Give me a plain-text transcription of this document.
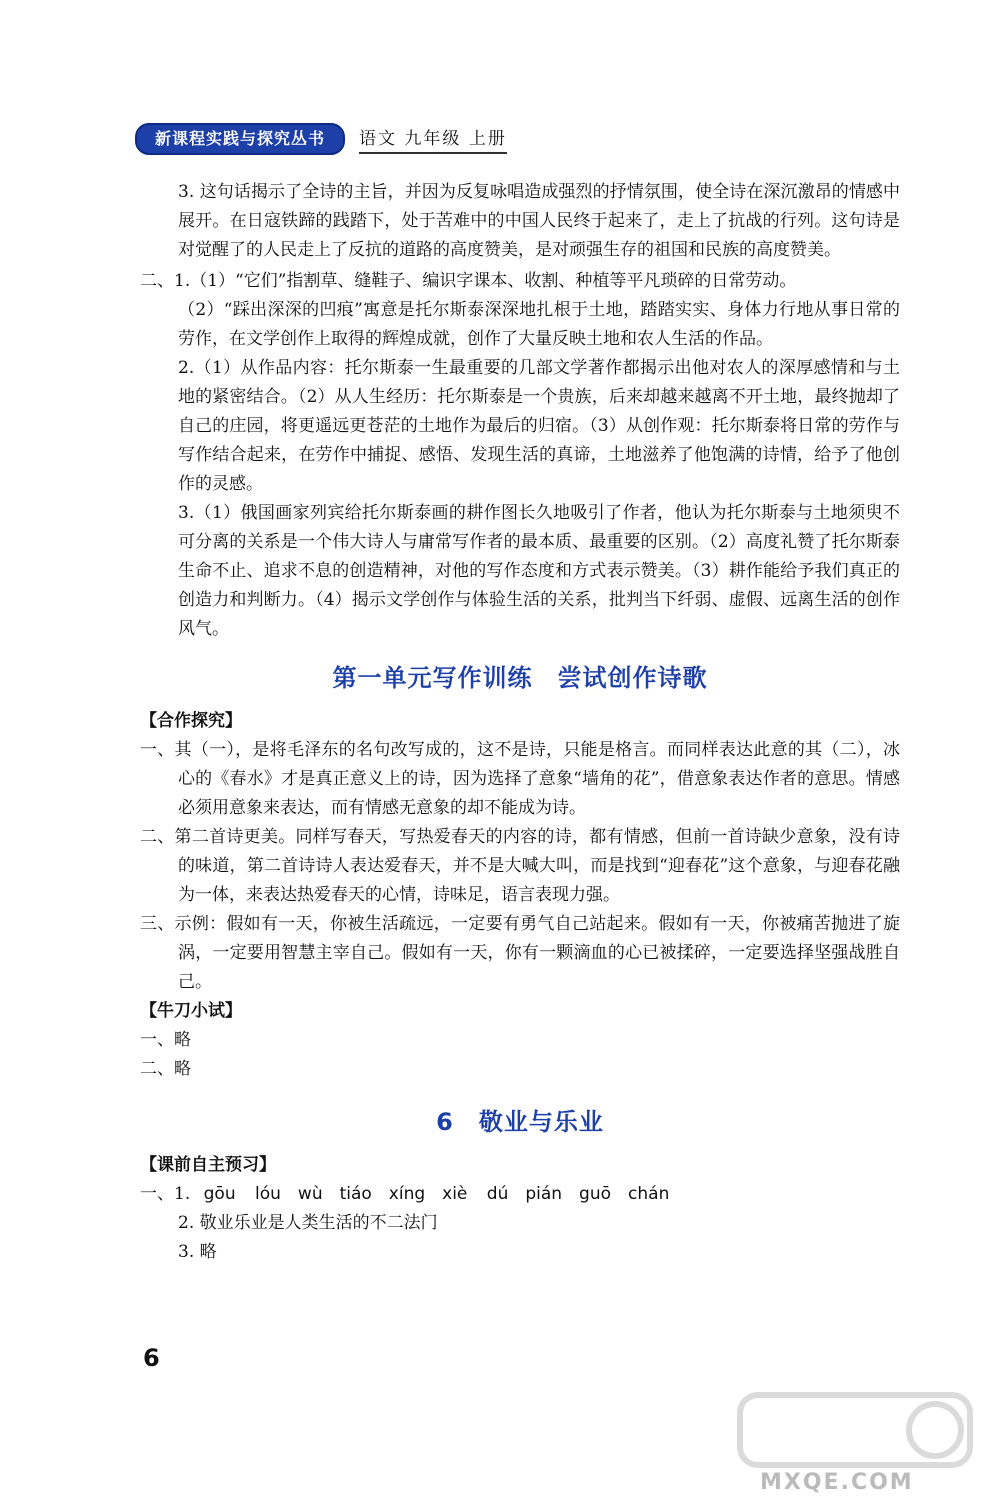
新课程实践与探究丛书	语文 九年级 上册

3. 这句话揭示了全诗的主旨，并因为反复咏唱造成强烈的抒情氛围，使全诗在深沉激昂的情感中展开。在日寇铁蹄的践踏下，处于苦难中的中国人民终于起来了，走上了抗战的行列。这句诗是对觉醒了的人民走上了反抗的道路的高度赞美，是对顽强生存的祖国和民族的高度赞美。

二、1.（1）“它们”指割草、缝鞋子、编识字课本、收割、种植等平凡琐碎的日常劳动。

（2）“踩出深深的凹痕”寓意是托尔斯泰深深地扎根于土地，踏踏实实、身体力行地从事日常的劳作，在文学创作上取得的辉煌成就，创作了大量反映土地和农人生活的作品。

2.（1）从作品内容：托尔斯泰一生最重要的几部文学著作都揭示出他对农人的深厚感情和与土地的紧密结合。（2）从人生经历：托尔斯泰是一个贵族，后来却越来越离不开土地，最终抛却了自己的庄园，将更遥远更苍茫的土地作为最后的归宿。（3）从创作观：托尔斯泰将日常的劳作与写作结合起来，在劳作中捕捉、感悟、发现生活的真谛，土地滋养了他饱满的诗情，给予了他创作的灵感。

3.（1）俄国画家列宾给托尔斯泰画的耕作图长久地吸引了作者，他认为托尔斯泰与土地须臾不可分离的关系是一个伟大诗人与庸常写作者的最本质、最重要的区别。（2）高度礼赞了托尔斯泰生命不止、追求不息的创造精神，对他的写作态度和方式表示赞美。（3）耕作能给予我们真正的创造力和判断力。（4）揭示文学创作与体验生活的关系，批判当下纤弱、虚假、远离生活的创作风气。

第一单元写作训练　尝试创作诗歌
【合作探究】

一、其（一），是将毛泽东的名句改写成的，这不是诗，只能是格言。而同样表达此意的其（二），冰心的《春水》才是真正意义上的诗，因为选择了意象“墙角的花”，借意象表达作者的意思。情感必须用意象来表达，而有情感无意象的却不能成为诗。

二、第二首诗更美。同样写春天，写热爱春天的内容的诗，都有情感，但前一首诗缺少意象，没有诗的味道，第二首诗诗人表达爱春天，并不是大喊大叫，而是找到“迎春花”这个意象，与迎春花融为一体，来表达热爱春天的心情，诗味足，语言表现力强。

三、示例：假如有一天，你被生活疏远，一定要有勇气自己站起来。假如有一天，你被痛苦抛进了旋涡，一定要用智慧主宰自己。假如有一天，你有一颗滴血的心已被揉碎，一定要选择坚强战胜自己。

【牛刀小试】

一、略

二、略

6　敬业与乐业
【课前自主预习】

一、1. gōu lóu　wù　tiáo　xíng　xiè dú　pián　guō　chán

2. 敬业乐业是人类生活的不二法门

3. 略

6
MXQE.COM
